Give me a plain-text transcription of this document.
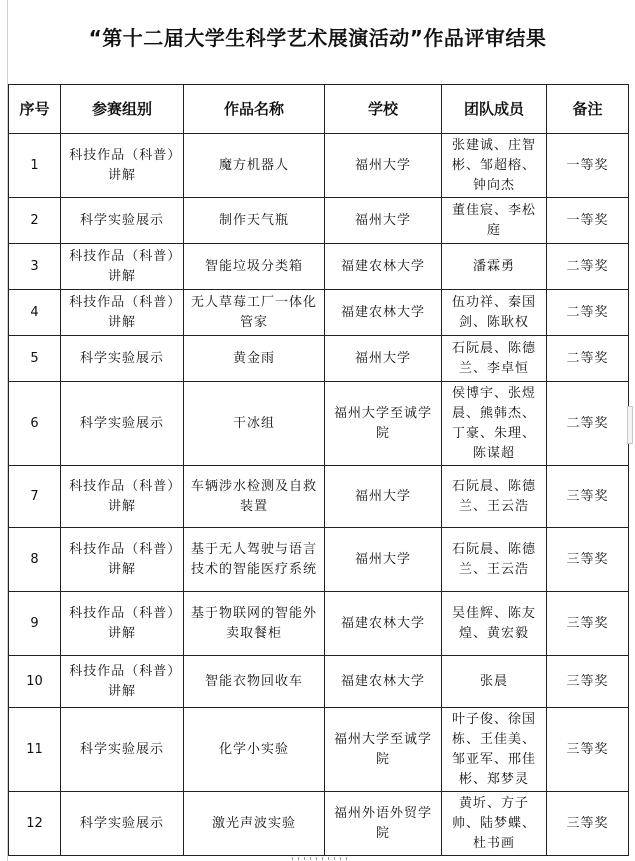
“第十二届大学生科学艺术展演活动”作品评审结果
序号	参赛组别	作品名称	学校	团队成员	备注
1	科技作品（科普）讲解	魔方机器人	福州大学	张建诚、庄智彬、邹超榕、钟向杰	一等奖
2	科学实验展示	制作天气瓶	福州大学	董佳宸、李松庭	一等奖
3	科技作品（科普）讲解	智能垃圾分类箱	福建农林大学	潘霖勇	二等奖
4	科技作品（科普）讲解	无人草莓工厂一体化管家	福建农林大学	伍功祥、秦国剑、陈耿权	二等奖
5	科学实验展示	黄金雨	福州大学	石阮晨、陈德兰、李卓恒	二等奖
6	科学实验展示	干冰组	福州大学至诚学院	侯博宇、张煜晨、熊韩杰、丁豪、朱理、陈谋超	二等奖
7	科技作品（科普）讲解	车辆涉水检测及自救装置	福州大学	石阮晨、陈德兰、王云浩	三等奖
8	科技作品（科普）讲解	基于无人驾驶与语言技术的智能医疗系统	福州大学	石阮晨、陈德兰、王云浩	三等奖
9	科技作品（科普）讲解	基于物联网的智能外卖取餐柜	福建农林大学	吴佳辉、陈友煌、黄宏毅	三等奖
10	科技作品（科普）讲解	智能衣物回收车	福建农林大学	张晨	三等奖
11	科学实验展示	化学小实验	福州大学至诚学院	叶子俊、徐国栋、王佳美、邹亚军、邢佳彬、郑梦灵	三等奖
12	科学实验展示	激光声波实验	福州外语外贸学院	黄圻、方子帅、陆梦蝶、杜书画	三等奖
